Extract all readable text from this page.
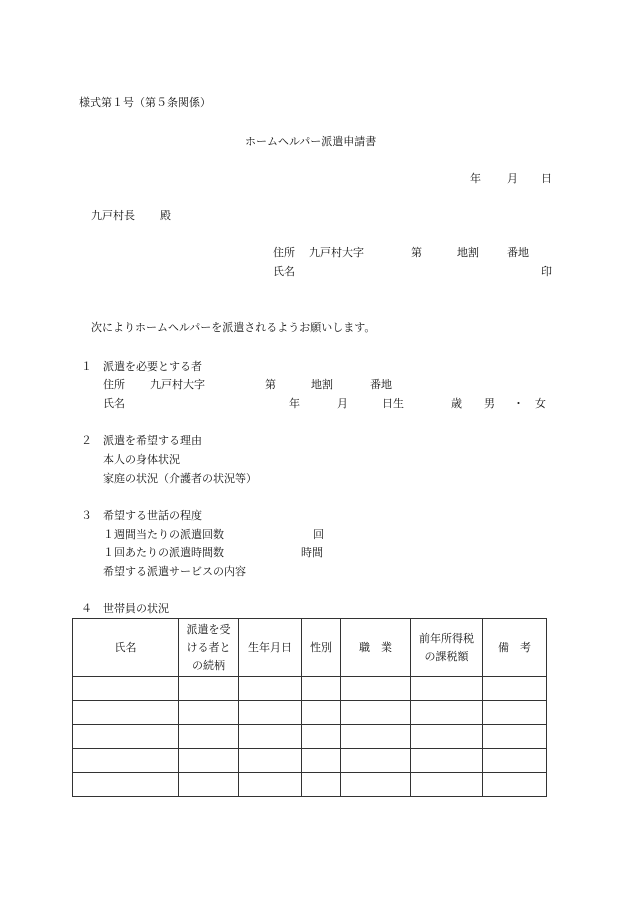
様式第１号（第５条関係）
ホームヘルパー派遣申請書
年 月 日
九戸村長 殿
住所 九戸村大字	第	地割	番地
氏名	印
次によりホームヘルパーを派遣されるようお願いします。
１ 派遣を必要とする者
住所 九戸村大字	第	地割	番地
氏名	年	月	日生	歳 男 ・ 女
２ 派遣を希望する理由
本人の身体状況
家庭の状況（介護者の状況等）
３ 希望する世話の程度
１週間当たりの派遣回数	回
１回あたりの派遣時間数	時間
希望する派遣サービスの内容
４ 世帯員の状況
氏名	派遣を受
ける者と
の続柄	生年月日	性別	職　業	前年所得税
の課税額	備　考
